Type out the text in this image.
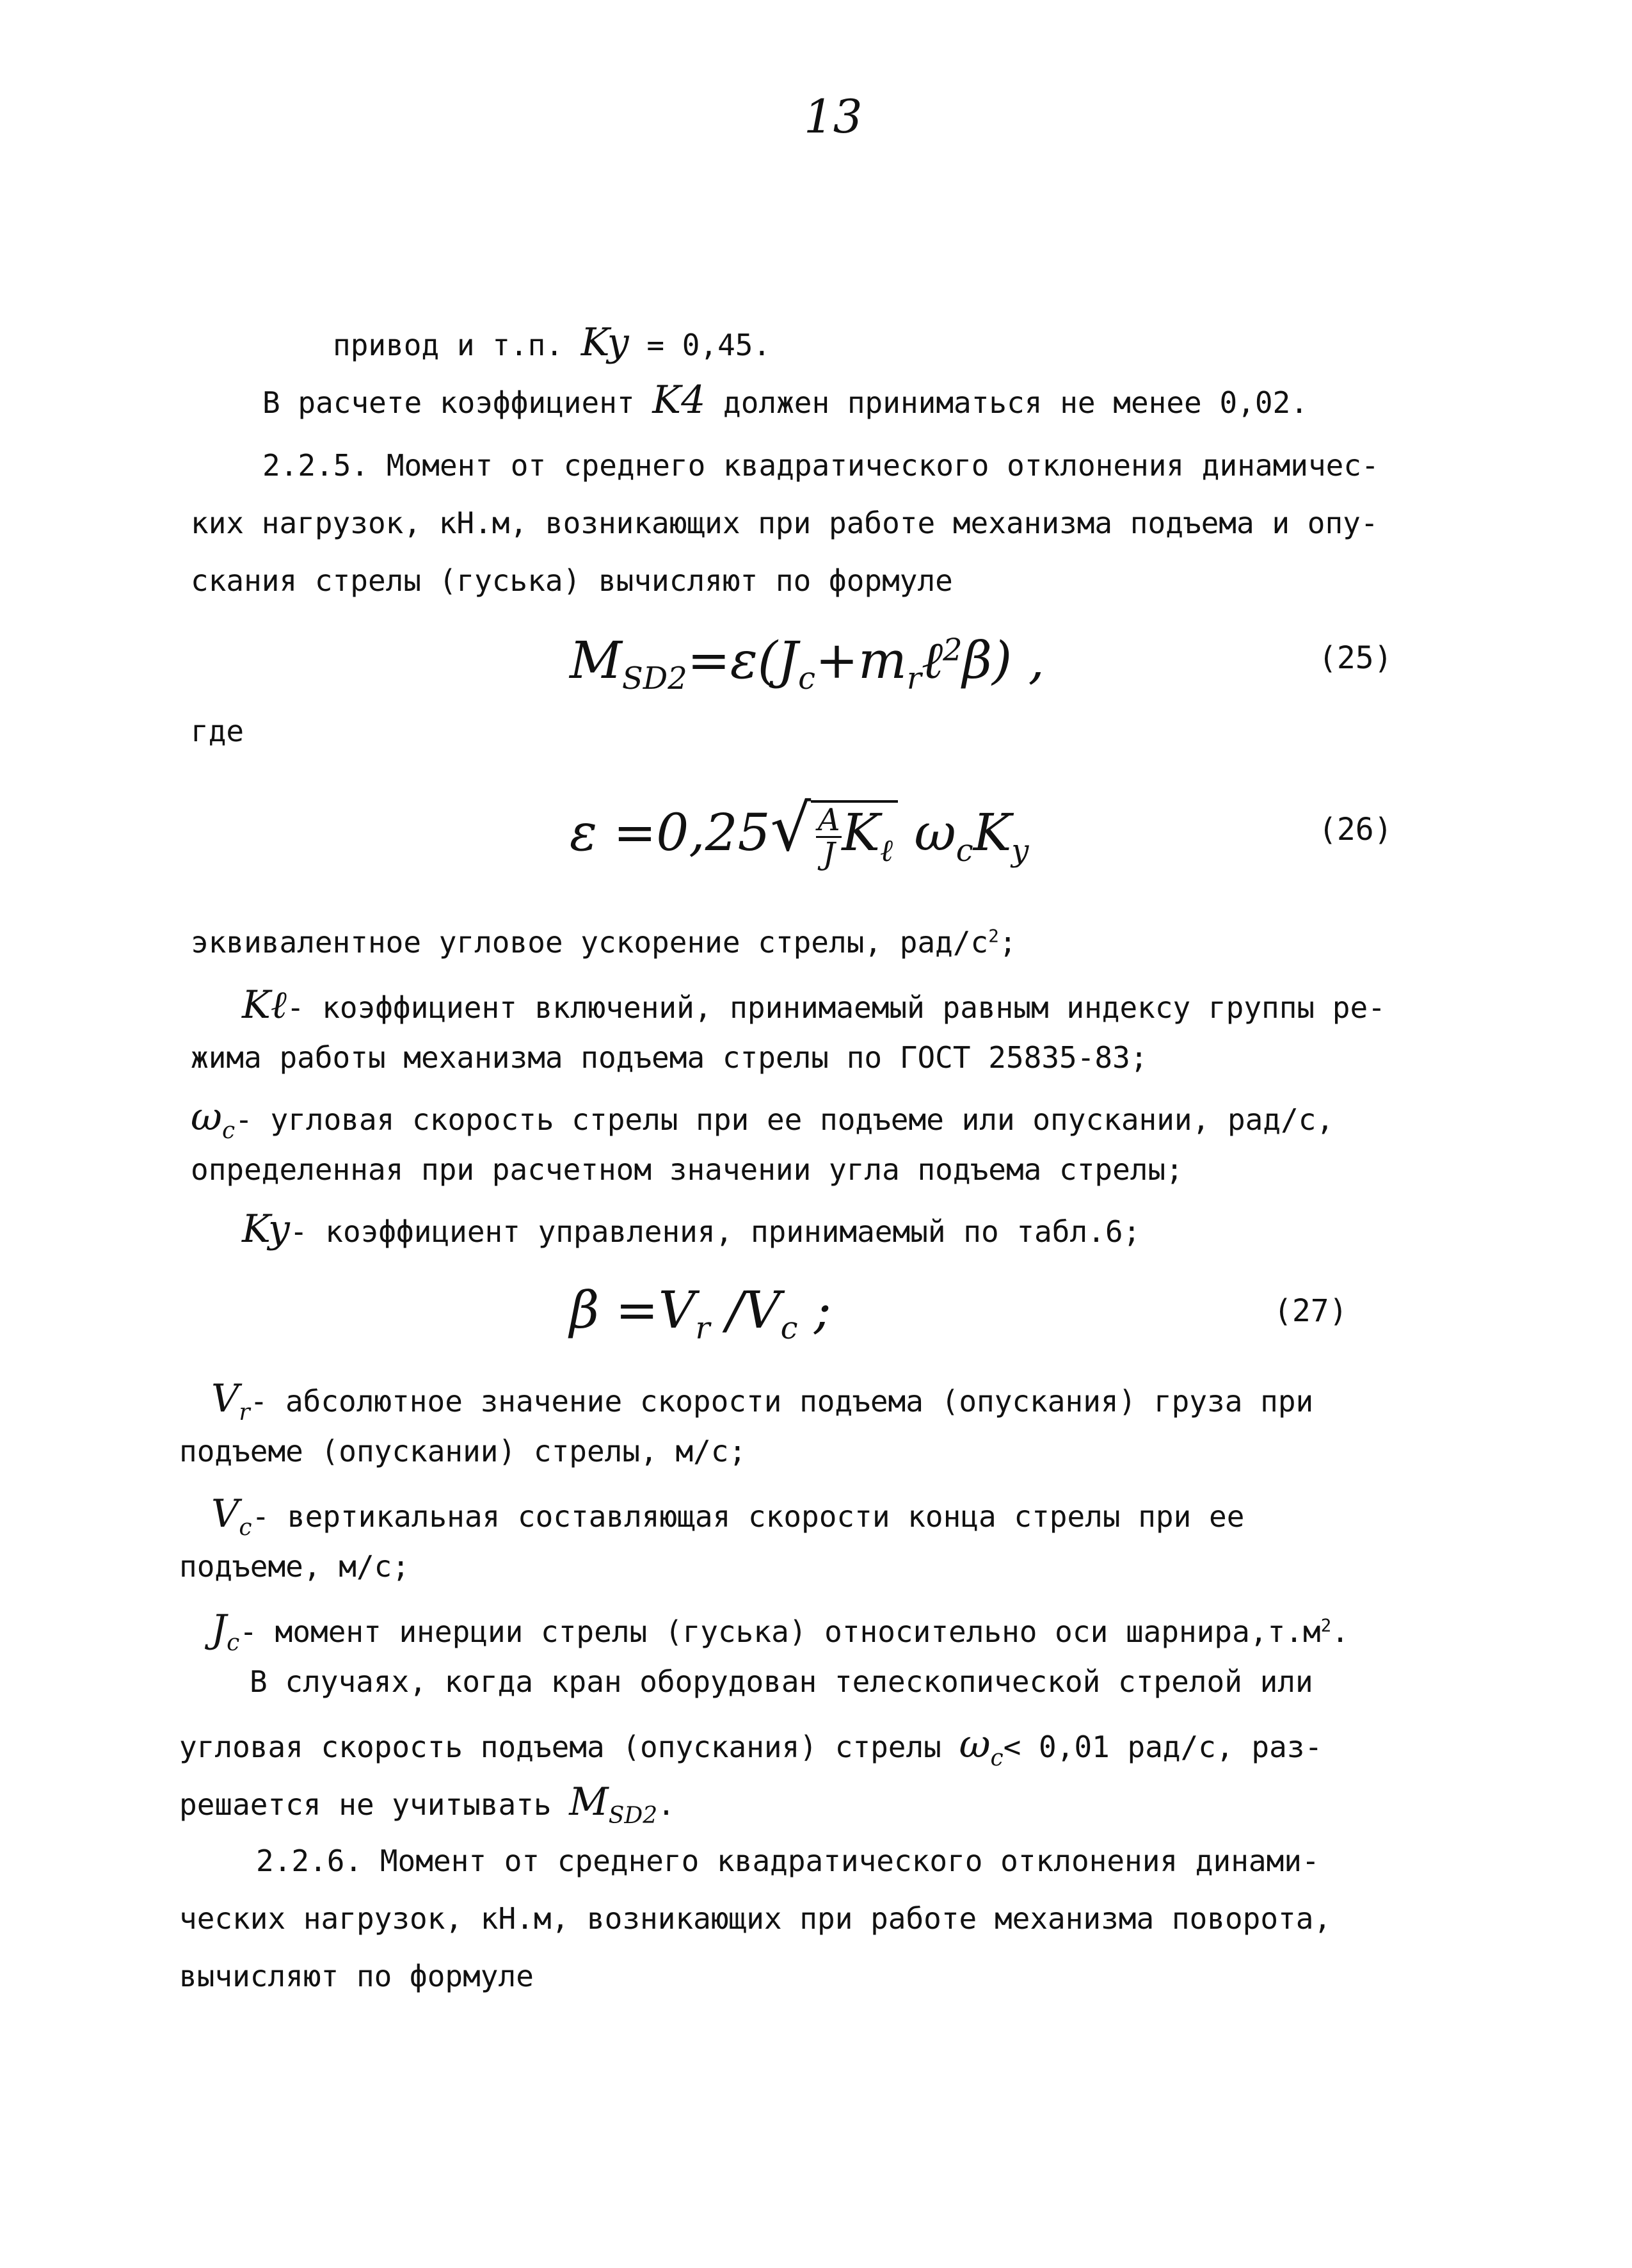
13
привод и т.п. Ky = 0,45.
В расчете коэффициент K4 должен приниматься не менее 0,02.
2.2.5. Момент от среднего квадратического отклонения динамичес-
ких нагрузок, кН.м, возникающих при работе механизма подъема и опу-
скания стрелы (гуська) вычисляют по формуле
$M_{SD2}=\varepsilon(J_c+m_r\ell^2\beta)$ ,	(25)
где
$\varepsilon =0,25√ \frac{A}{J}K_\ell$ $\omega_cK_y$
(26)
эквивалентное угловое ускорение стрелы, рад/$с^2$;
Kℓ- коэффициент включений, принимаемый равным индексу группы ре-
жима работы механизма подъема стрелы по ГОСТ 25835-83;
$\omega_c-$ угловая скорость стрелы при ее подъеме или опускании, рад/с,
определенная при расчетном значении угла подъема стрелы;
Ky- коэффициент управления, принимаемый по табл.6;
$\beta =V_r$ $/V_c$ ;	(27)
$V_r-$ абсолютное значение скорости подъема (опускания) груза при
подъеме (опускании) стрелы, м/с;
$V_c-$ вертикальная составляющая скорости конца стрелы при ее
подъеме, м/с;
$J_c-$ момент инерции стрелы (гуська) относительно оси $шарнира,т.м^2$.
В случаях, когда кран оборудован телескопической стрелой или
угловая скорость подъема (опускания) стрелы $\omega_c< 0,01$ рад/с, раз-
решается не учитывать $M_{SD2}$.
2.2.6. Момент от среднего квадратического отклонения динами-
ческих нагрузок, кН.м, возникающих при работе механизма поворота,
вычисляют по формуле
